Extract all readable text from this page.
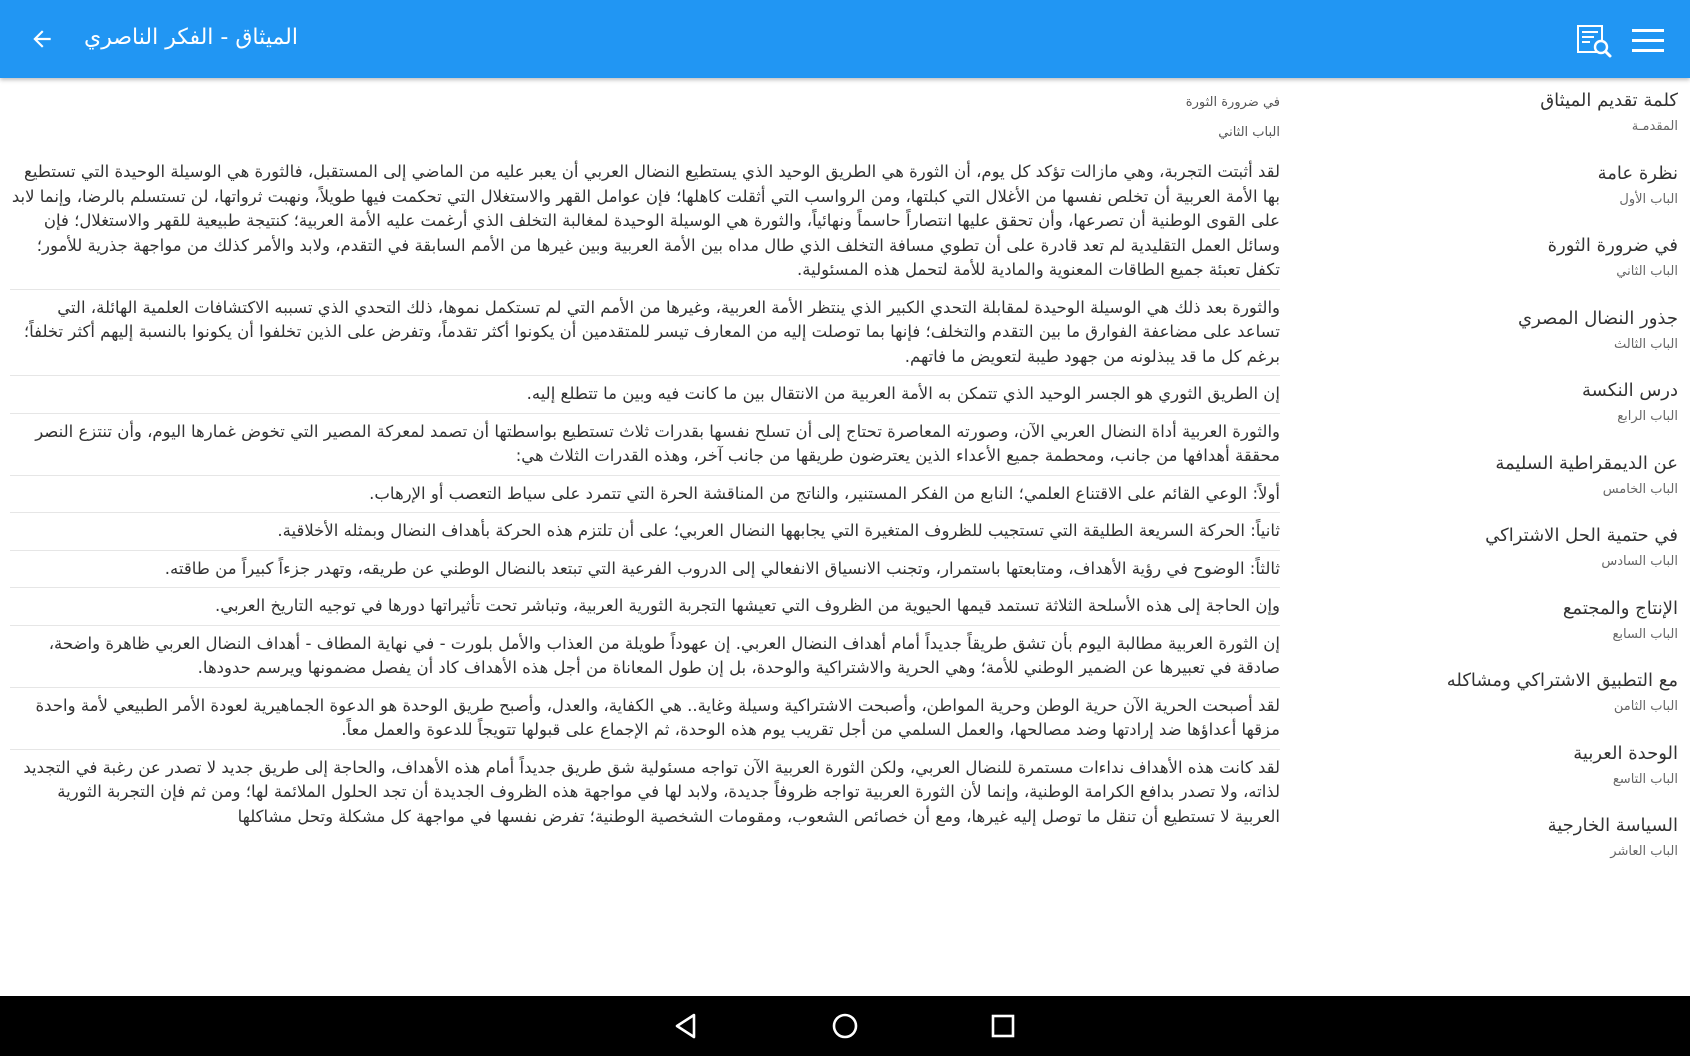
الميثاق - الفكر الناصري
كلمة تقديم الميثاق
المقدمـة
نظرة عامة
الباب الأول
في ضرورة الثورة
الباب الثاني
جذور النضال المصري
الباب الثالث
درس النكسة
الباب الرابع
عن الديمقراطية السليمة
الباب الخامس
في حتمية الحل الاشتراكي
الباب السادس
الإنتاج والمجتمع
الباب السابع
مع التطبيق الاشتراكي ومشاكله
الباب الثامن
الوحدة العربية
الباب التاسع
السياسة الخارجية
الباب العاشر
في ضرورة الثورة
الباب الثاني

لقد أثبتت التجربة، وهي مازالت تؤكد كل يوم، أن الثورة هي الطريق الوحيد الذي يستطيع النضال العربي أن يعبر عليه من الماضي إلى المستقبل، فالثورة هي الوسيلة الوحيدة التي تستطيع بها الأمة العربية أن تخلص نفسها من الأغلال التي كبلتها، ومن الرواسب التي أثقلت كاهلها؛ فإن عوامل القهر والاستغلال التي تحكمت فيها طويلاً، ونهبت ثرواتها، لن تستسلم بالرضا، وإنما لابد على القوى الوطنية أن تصرعها، وأن تحقق عليها انتصاراً حاسماً ونهائياً، والثورة هي الوسيلة الوحيدة لمغالبة التخلف الذي أرغمت عليه الأمة العربية؛ كنتيجة طبيعية للقهر والاستغلال؛ فإن وسائل العمل التقليدية لم تعد قادرة على أن تطوي مسافة التخلف الذي طال مداه بين الأمة العربية وبين غيرها من الأمم السابقة في التقدم، ولابد والأمر كذلك من مواجهة جذرية للأمور؛ تكفل تعبئة جميع الطاقات المعنوية والمادية للأمة لتحمل هذه المسئولية.

والثورة بعد ذلك هي الوسيلة الوحيدة لمقابلة التحدي الكبير الذي ينتظر الأمة العربية، وغيرها من الأمم التي لم تستكمل نموها، ذلك التحدي الذي تسببه الاكتشافات العلمية الهائلة، التي تساعد على مضاعفة الفوارق ما بين التقدم والتخلف؛ فإنها بما توصلت إليه من المعارف تيسر للمتقدمين أن يكونوا أكثر تقدماً، وتفرض على الذين تخلفوا أن يكونوا بالنسبة إليهم أكثر تخلفاً؛ برغم كل ما قد يبذلونه من جهود طيبة لتعويض ما فاتهم.

إن الطريق الثوري هو الجسر الوحيد الذي تتمكن به الأمة العربية من الانتقال بين ما كانت فيه وبين ما تتطلع إليه.

والثورة العربية أداة النضال العربي الآن، وصورته المعاصرة تحتاج إلى أن تسلح نفسها بقدرات ثلاث تستطيع بواسطتها أن تصمد لمعركة المصير التي تخوض غمارها اليوم، وأن تنتزع النصر محققة أهدافها من جانب، ومحطمة جميع الأعداء الذين يعترضون طريقها من جانب آخر، وهذه القدرات الثلاث هي:

أولاً: الوعي القائم على الاقتناع العلمي؛ النابع من الفكر المستنير، والناتج من المناقشة الحرة التي تتمرد على سياط التعصب أو الإرهاب.

ثانياً: الحركة السريعة الطليقة التي تستجيب للظروف المتغيرة التي يجابهها النضال العربي؛ على أن تلتزم هذه الحركة بأهداف النضال وبمثله الأخلاقية.

ثالثاً: الوضوح في رؤية الأهداف، ومتابعتها باستمرار، وتجنب الانسياق الانفعالي إلى الدروب الفرعية التي تبتعد بالنضال الوطني عن طريقه، وتهدر جزءاً كبيراً من طاقته.

وإن الحاجة إلى هذه الأسلحة الثلاثة تستمد قيمها الحيوية من الظروف التي تعيشها التجربة الثورية العربية، وتباشر تحت تأثيراتها دورها في توجيه التاريخ العربي.

إن الثورة العربية مطالبة اليوم بأن تشق طريقاً جديداً أمام أهداف النضال العربي. إن عهوداً طويلة من العذاب والأمل بلورت - في نهاية المطاف - أهداف النضال العربي ظاهرة واضحة، صادقة في تعبيرها عن الضمير الوطني للأمة؛ وهي الحرية والاشتراكية والوحدة، بل إن طول المعاناة من أجل هذه الأهداف كاد أن يفصل مضمونها ويرسم حدودها.

لقد أصبحت الحرية الآن حرية الوطن وحرية المواطن، وأصبحت الاشتراكية وسيلة وغاية.. هي الكفاية، والعدل، وأصبح طريق الوحدة هو الدعوة الجماهيرية لعودة الأمر الطبيعي لأمة واحدة مزقها أعداؤها ضد إرادتها وضد مصالحها، والعمل السلمي من أجل تقريب يوم هذه الوحدة، ثم الإجماع على قبولها تتويجاً للدعوة والعمل معاً.

لقد كانت هذه الأهداف نداءات مستمرة للنضال العربي، ولكن الثورة العربية الآن تواجه مسئولية شق طريق جديداً أمام هذه الأهداف، والحاجة إلى طريق جديد لا تصدر عن رغبة في التجديد لذاته، ولا تصدر بدافع الكرامة الوطنية، وإنما لأن الثورة العربية تواجه ظروفاً جديدة، ولابد لها في مواجهة هذه الظروف الجديدة أن تجد الحلول الملائمة لها؛ ومن ثم فإن التجربة الثورية العربية لا تستطيع أن تنقل ما توصل إليه غيرها، ومع أن خصائص الشعوب، ومقومات الشخصية الوطنية؛ تفرض نفسها في مواجهة كل مشكلة وتحل مشاكلها
